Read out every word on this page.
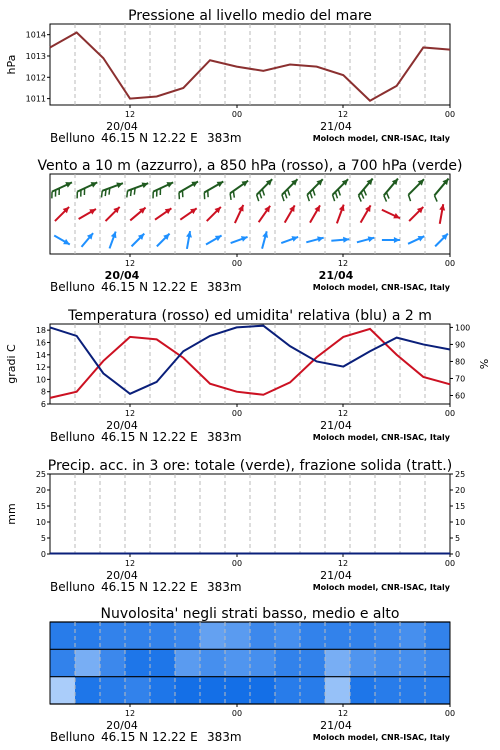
Pressione al livello medio del mare
12	00	12	00
1011
1012
1013
1014
hPa
20/04	21/04
Belluno 46.15 N 12.22 E 383m	Moloch model, CNR-ISAC, Italy
Vento a 10 m (azzurro), a 850 hPa (rosso), a 700 hPa (verde)
12	00	12	00
20/04	21/04
Belluno 46.15 N 12.22 E 383m	Moloch model, CNR-ISAC, Italy
Temperatura (rosso) ed umidita' relativa (blu) a 2 m
12	00	12	00
6
8
10
12
14
16
18
60
70
80
90
100
gradi C	%
20/04	21/04
Belluno 46.15 N 12.22 E 383m	Moloch model, CNR-ISAC, Italy
Precip. acc. in 3 ore: totale (verde), frazione solida (tratt.)
12	00	12	00
0	0
5	5
10	10
15	15
20	20
25	25
mm
20/04	21/04
Belluno 46.15 N 12.22 E 383m	Moloch model, CNR-ISAC, Italy
Nuvolosita' negli strati basso, medio e alto
12	00	12	00
20/04	21/04
Belluno 46.15 N 12.22 E 383m	Moloch model, CNR-ISAC, Italy
